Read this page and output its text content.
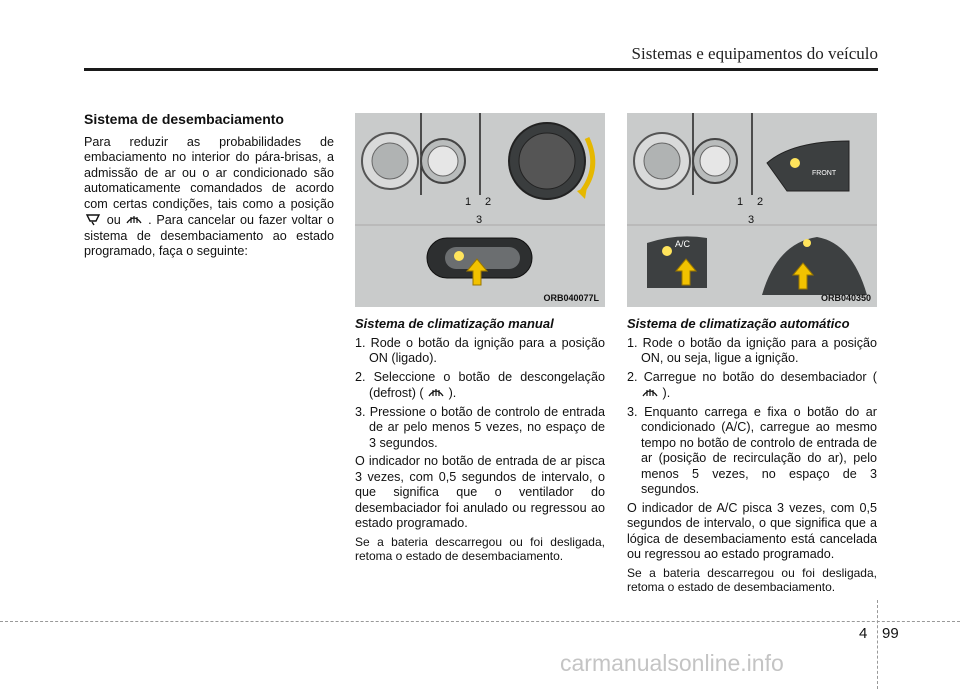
Sistemas e equipamentos do veículo
Sistema de desembaciamento

Para reduzir as probabilidades de embaciamento no interior do pára-brisas, a admissão de ar ou o ar condicionado são automaticamente comandados de acordo com certas condições, tais como a posição  ou . Para cancelar ou fazer voltar o sistema de desembaciamento ao estado programado, faça o seguinte:

1 2
3
ORB040077L
1 2
3
A/C
FRONT
ORB040350
Sistema de climatização manual

1. Rode o botão da ignição para a posição ON (ligado).

2. Seleccione o botão de descongelação (defrost) ( ).

3. Pressione o botão de controlo de entrada de ar pelo menos 5 vezes, no espaço de 3 segundos.

O indicador no botão de entrada de ar pisca 3 vezes, com 0,5 segundos de intervalo, o que significa que o ventilador do desembaciador foi anulado ou regressou ao estado programado.

Se a bateria descarregou ou foi desligada, retoma o estado de desembaciamento.

Sistema de climatização automático

1. Rode o botão da ignição para a posição ON, ou seja, ligue a ignição.

2. Carregue no botão do desembaciador (  ).

3. Enquanto carrega e fixa o botão do ar condicionado (A/C), carregue ao mesmo tempo no botão de controlo de entrada de ar (posição de recirculação do ar), pelo menos 5 vezes, no espaço de 3 segundos.

O indicador de A/C pisca 3 vezes, com 0,5 segundos de intervalo, o que significa que a lógica de desembaciamento está cancelada ou regressou ao estado programado.

Se a bateria descarregou ou foi desligada, retoma o estado de desembaciamento.

4 99
carmanualsonline.info
